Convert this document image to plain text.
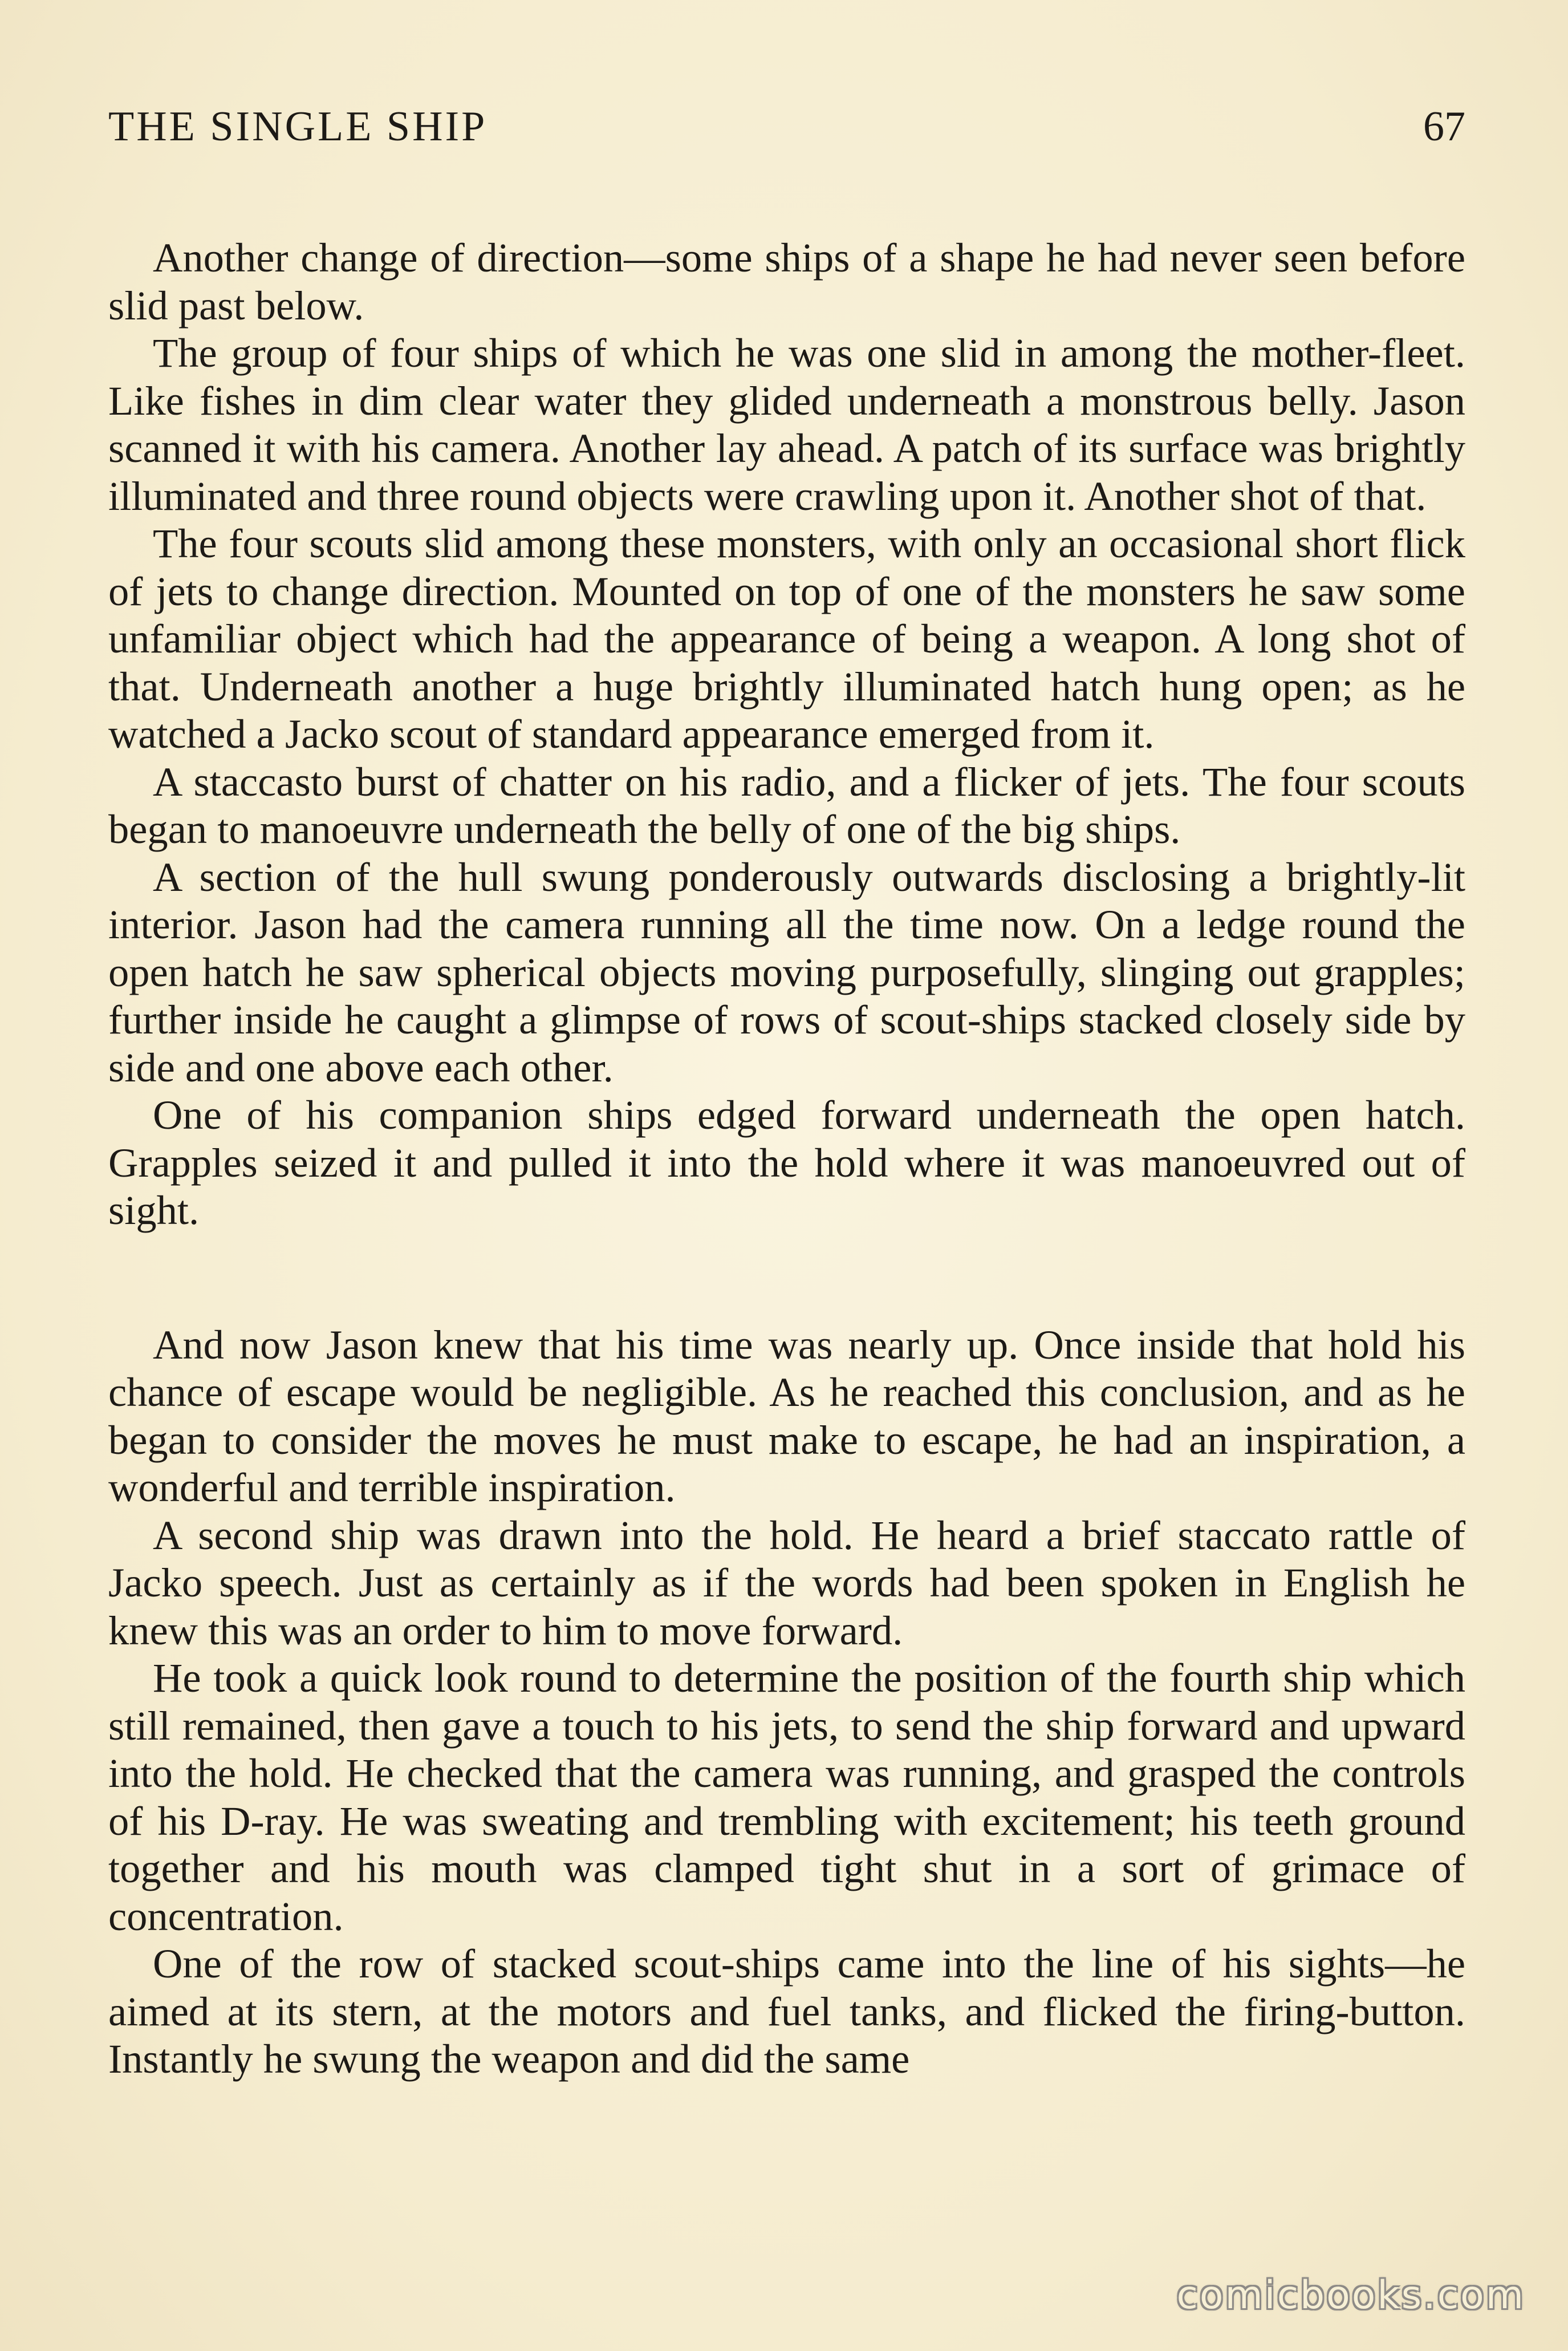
THE SINGLE SHIP	67

Another change of direction—some ships of a shape he had never seen before slid past below.

The group of four ships of which he was one slid in among the mother-fleet. Like fishes in dim clear water they glided underneath a monstrous belly. Jason scanned it with his camera. Another lay ahead. A patch of its surface was brightly illuminated and three round objects were crawling upon it. Another shot of that.

The four scouts slid among these monsters, with only an occasional short flick of jets to change direction. Mounted on top of one of the monsters he saw some unfamiliar object which had the appearance of being a weapon. A long shot of that. Underneath another a huge brightly illuminated hatch hung open; as he watched a Jacko scout of standard appearance emerged from it.

A staccasto burst of chatter on his radio, and a flicker of jets. The four scouts began to manoeuvre underneath the belly of one of the big ships.

A section of the hull swung ponderously outwards disclosing a brightly-lit interior. Jason had the camera running all the time now. On a ledge round the open hatch he saw spherical objects moving purposefully, slinging out grapples; further inside he caught a glimpse of rows of scout-ships stacked closely side by side and one above each other.

One of his companion ships edged forward underneath the open hatch. Grapples seized it and pulled it into the hold where it was manoeuvred out of sight.

And now Jason knew that his time was nearly up. Once inside that hold his chance of escape would be negligible. As he reached this conclusion, and as he began to consider the moves he must make to escape, he had an inspiration, a wonderful and terrible inspiration.

A second ship was drawn into the hold. He heard a brief staccato rattle of Jacko speech. Just as certainly as if the words had been spoken in English he knew this was an order to him to move forward.

He took a quick look round to determine the position of the fourth ship which still remained, then gave a touch to his jets, to send the ship forward and upward into the hold. He checked that the camera was running, and grasped the controls of his D-ray. He was sweating and trembling with excitement; his teeth ground together and his mouth was clamped tight shut in a sort of grimace of concentration.

One of the row of stacked scout-ships came into the line of his sights—he aimed at its stern, at the motors and fuel tanks, and flicked the firing-button. Instantly he swung the weapon and did the same

comicbooks.com
